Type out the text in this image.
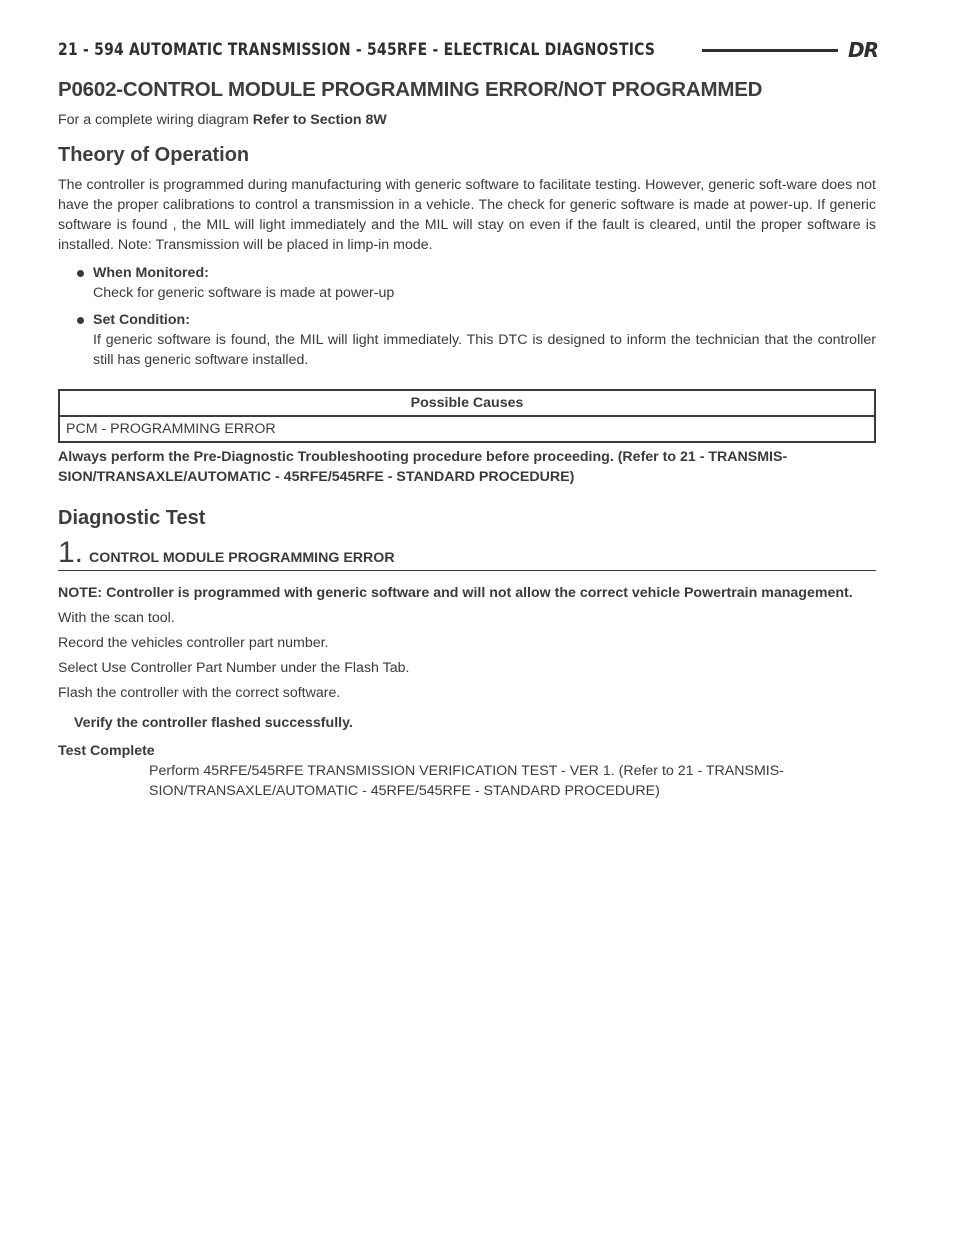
21 - 594 AUTOMATIC TRANSMISSION - 545RFE - ELECTRICAL DIAGNOSTICS	DR
P0602-CONTROL MODULE PROGRAMMING ERROR/NOT PROGRAMMED

For a complete wiring diagram Refer to Section 8W

Theory of Operation

The controller is programmed during manufacturing with generic software to facilitate testing. However, generic soft-ware does not have the proper calibrations to control a transmission in a vehicle. The check for generic software is made at power-up. If generic software is found , the MIL will light immediately and the MIL will stay on even if the fault is cleared, until the proper software is installed. Note: Transmission will be placed in limp-in mode.

When Monitored:
Check for generic software is made at power-up
Set Condition:
If generic software is found, the MIL will light immediately. This DTC is designed to inform the technician that the controller still has generic software installed.
Possible Causes
PCM - PROGRAMMING ERROR

Always perform the Pre-Diagnostic Troubleshooting procedure before proceeding. (Refer to 21 - TRANSMIS-SION/TRANSAXLE/AUTOMATIC - 45RFE/545RFE - STANDARD PROCEDURE)

Diagnostic Test
1. CONTROL MODULE PROGRAMMING ERROR

NOTE: Controller is programmed with generic software and will not allow the correct vehicle Powertrain management.

With the scan tool.

Record the vehicles controller part number.

Select Use Controller Part Number under the Flash Tab.

Flash the controller with the correct software.

Verify the controller flashed successfully.

Test Complete

Perform 45RFE/545RFE TRANSMISSION VERIFICATION TEST - VER 1. (Refer to 21 - TRANSMIS-SION/TRANSAXLE/AUTOMATIC - 45RFE/545RFE - STANDARD PROCEDURE)
